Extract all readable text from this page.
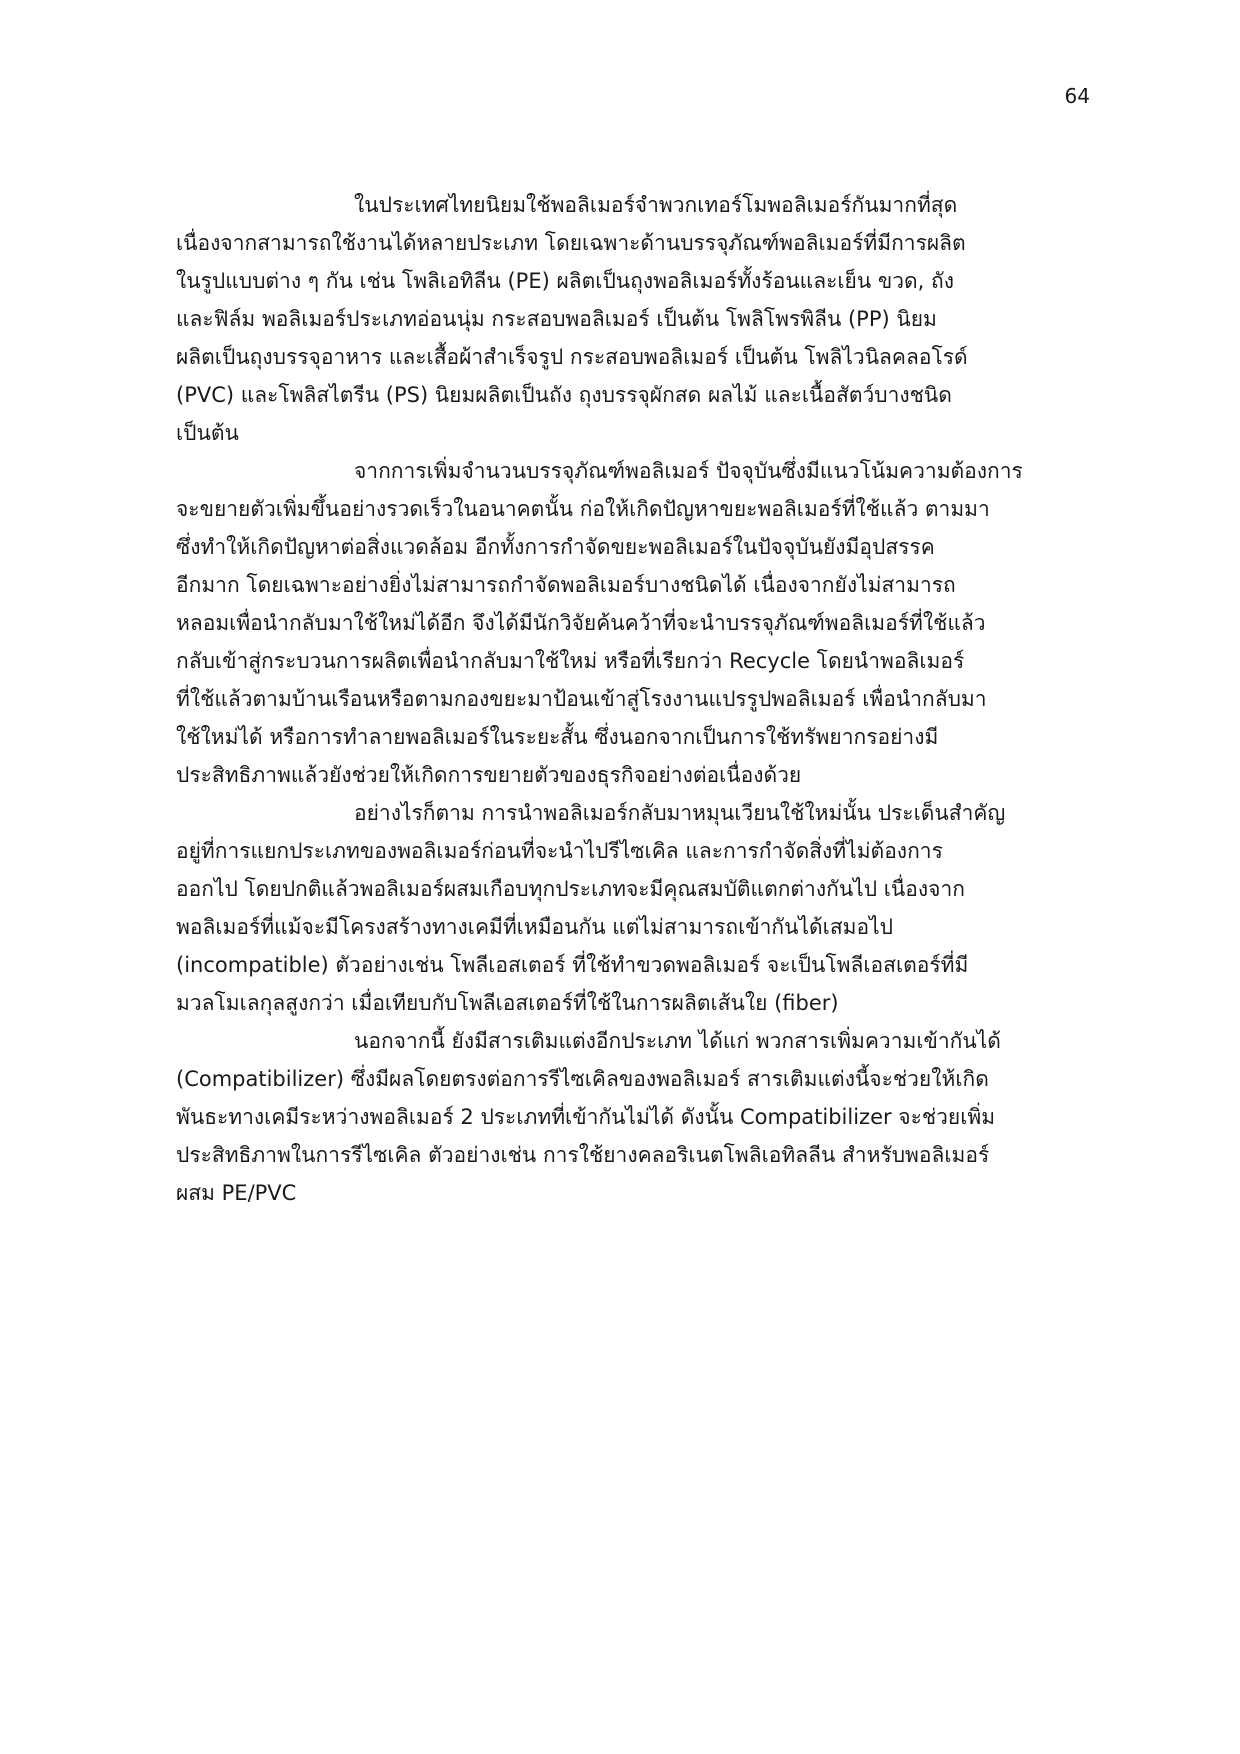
64
ในประเทศไทยนิยมใช้พอลิเมอร์จำพวกเทอร์โมพอลิเมอร์กันมากที่สุด
เนื่องจากสามารถใช้งานได้หลายประเภท โดยเฉพาะด้านบรรจุภัณฑ์พอลิเมอร์ที่มีการผลิต
ในรูปแบบต่าง ๆ กัน เช่น โพลิเอทิลีน (PE) ผลิตเป็นถุงพอลิเมอร์ทั้งร้อนและเย็น ขวด, ถัง
และฟิล์ม พอลิเมอร์ประเภทอ่อนนุ่ม กระสอบพอลิเมอร์ เป็นต้น โพลิโพรพิลีน (PP) นิยม
ผลิตเป็นถุงบรรจุอาหาร และเสื้อผ้าสำเร็จรูป กระสอบพอลิเมอร์ เป็นต้น โพลิไวนิลคลอโรด์
(PVC) และโพลิสไตรีน (PS) นิยมผลิตเป็นถัง ถุงบรรจุผักสด ผลไม้ และเนื้อสัตว์บางชนิด
เป็นต้น
จากการเพิ่มจำนวนบรรจุภัณฑ์พอลิเมอร์ ปัจจุบันซึ่งมีแนวโน้มความต้องการ
จะขยายตัวเพิ่มขึ้นอย่างรวดเร็วในอนาคตนั้น ก่อให้เกิดปัญหาขยะพอลิเมอร์ที่ใช้แล้ว ตามมา
ซึ่งทำให้เกิดปัญหาต่อสิ่งแวดล้อม อีกทั้งการกำจัดขยะพอลิเมอร์ในปัจจุบันยังมีอุปสรรค
อีกมาก โดยเฉพาะอย่างยิ่งไม่สามารถกำจัดพอลิเมอร์บางชนิดได้ เนื่องจากยังไม่สามารถ
หลอมเพื่อนำกลับมาใช้ใหม่ได้อีก จึงได้มีนักวิจัยค้นคว้าที่จะนำบรรจุภัณฑ์พอลิเมอร์ที่ใช้แล้ว
กลับเข้าสู่กระบวนการผลิตเพื่อนำกลับมาใช้ใหม่ หรือที่เรียกว่า Recycle โดยนำพอลิเมอร์
ที่ใช้แล้วตามบ้านเรือนหรือตามกองขยะมาป้อนเข้าสู่โรงงานแปรรูปพอลิเมอร์ เพื่อนำกลับมา
ใช้ใหม่ได้ หรือการทำลายพอลิเมอร์ในระยะสั้น ซึ่งนอกจากเป็นการใช้ทรัพยากรอย่างมี
ประสิทธิภาพแล้วยังช่วยให้เกิดการขยายตัวของธุรกิจอย่างต่อเนื่องด้วย
อย่างไรก็ตาม การนำพอลิเมอร์กลับมาหมุนเวียนใช้ใหม่นั้น ประเด็นสำคัญ
อยู่ที่การแยกประเภทของพอลิเมอร์ก่อนที่จะนำไปรีไซเคิล และการกำจัดสิ่งที่ไม่ต้องการ
ออกไป โดยปกติแล้วพอลิเมอร์ผสมเกือบทุกประเภทจะมีคุณสมบัติแตกต่างกันไป เนื่องจาก
พอลิเมอร์ที่แม้จะมีโครงสร้างทางเคมีที่เหมือนกัน แต่ไม่สามารถเข้ากันได้เสมอไป
(incompatible) ตัวอย่างเช่น โพลีเอสเตอร์ ที่ใช้ทำขวดพอลิเมอร์ จะเป็นโพลีเอสเตอร์ที่มี
มวลโมเลกุลสูงกว่า เมื่อเทียบกับโพลีเอสเตอร์ที่ใช้ในการผลิตเส้นใย (fiber)
นอกจากนี้ ยังมีสารเติมแต่งอีกประเภท ได้แก่ พวกสารเพิ่มความเข้ากันได้
(Compatibilizer) ซึ่งมีผลโดยตรงต่อการรีไซเคิลของพอลิเมอร์ สารเติมแต่งนี้จะช่วยให้เกิด
พันธะทางเคมีระหว่างพอลิเมอร์ 2 ประเภทที่เข้ากันไม่ได้ ดังนั้น Compatibilizer จะช่วยเพิ่ม
ประสิทธิภาพในการรีไซเคิล ตัวอย่างเช่น การใช้ยางคลอริเนตโพลิเอทิลลีน สำหรับพอลิเมอร์
ผสม PE/PVC
